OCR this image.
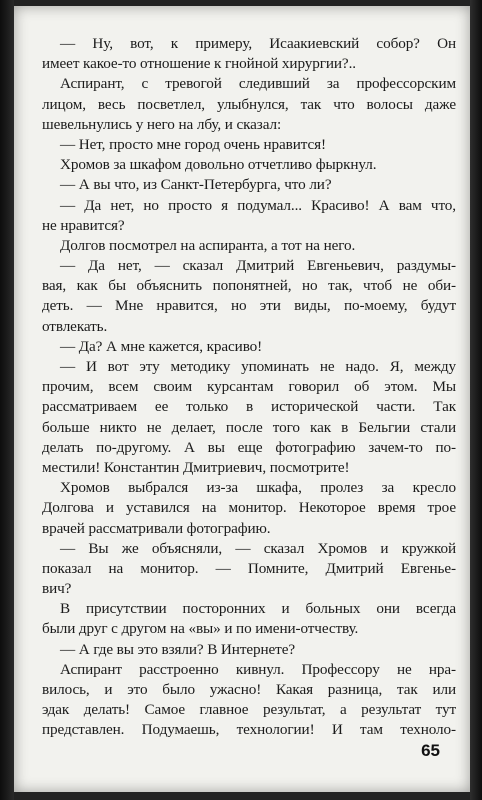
— Ну, вот, к примеру, Исаакиевский собор? Он
имеет какое-то отношение к гнойной хирургии?..
Аспирант, с тревогой следивший за профессорским
лицом, весь посветлел, улыбнулся, так что волосы даже
шевельнулись у него на лбу, и сказал:
— Нет, просто мне город очень нравится!
Хромов за шкафом довольно отчетливо фыркнул.
— А вы что, из Санкт-Петербурга, что ли?
— Да нет, но просто я подумал... Красиво! А вам что,
не нравится?
Долгов посмотрел на аспиранта, а тот на него.
— Да нет, — сказал Дмитрий Евгеньевич, раздумы-
вая, как бы объяснить попонятней, но так, чтоб не оби-
деть. — Мне нравится, но эти виды, по-моему, будут
отвлекать.
— Да? А мне кажется, красиво!
— И вот эту методику упоминать не надо. Я, между
прочим, всем своим курсантам говорил об этом. Мы
рассматриваем ее только в исторической части. Так
больше никто не делает, после того как в Бельгии стали
делать по-другому. А вы еще фотографию зачем-то по-
местили! Константин Дмитриевич, посмотрите!
Хромов выбрался из-за шкафа, пролез за кресло
Долгова и уставился на монитор. Некоторое время трое
врачей рассматривали фотографию.
— Вы же объясняли, — сказал Хромов и кружкой
показал на монитор. — Помните, Дмитрий Евгенье-
вич?
В присутствии посторонних и больных они всегда
были друг с другом на «вы» и по имени-отчеству.
— А где вы это взяли? В Интернете?
Аспирант расстроенно кивнул. Профессору не нра-
вилось, и это было ужасно! Какая разница, так или
эдак делать! Самое главное результат, а результат тут
представлен. Подумаешь, технологии! И там техноло-
65
